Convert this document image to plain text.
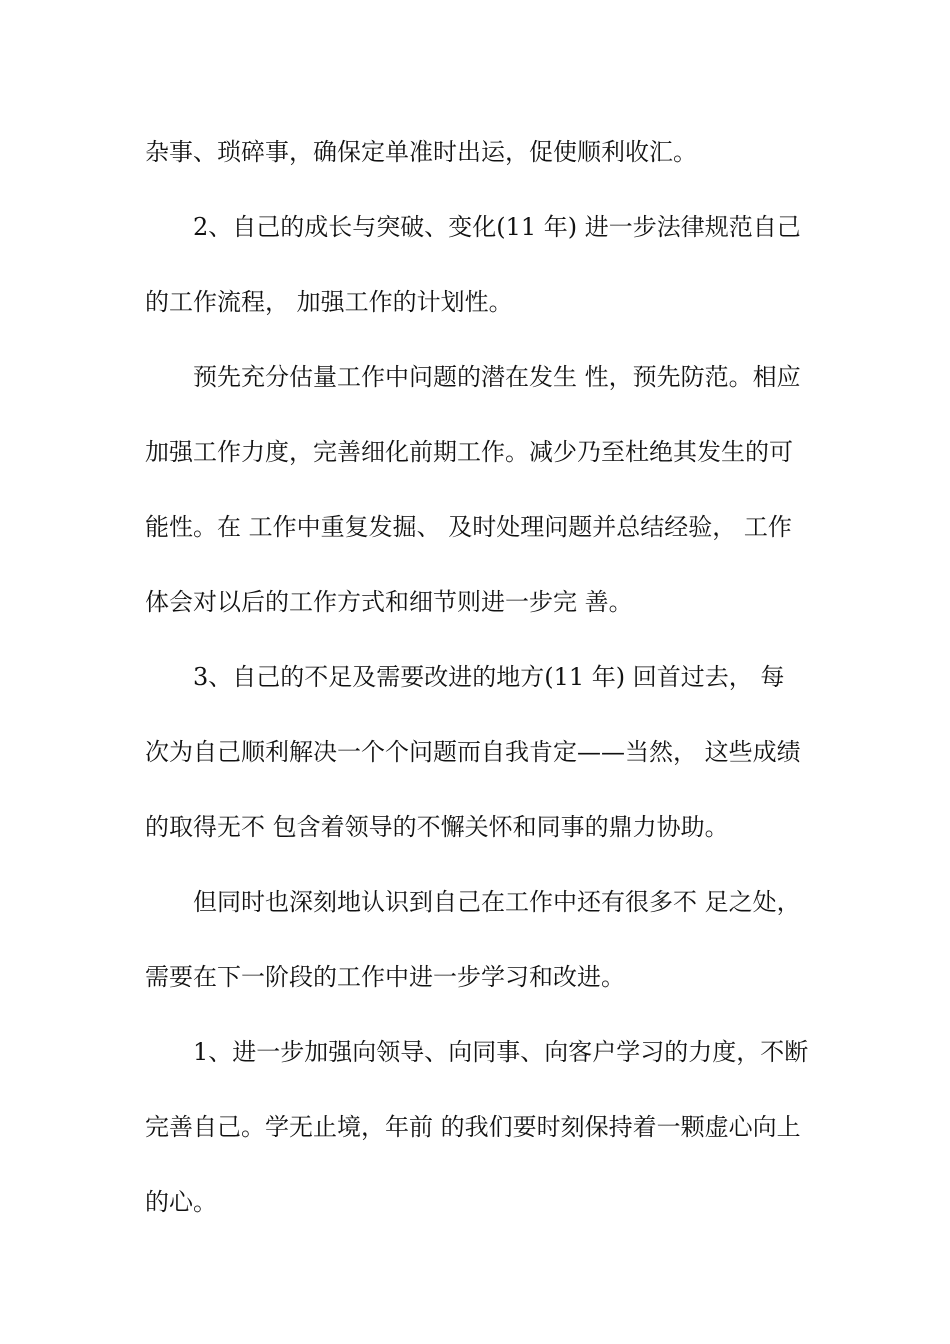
杂事、琐碎事，确保定单准时出运，促使顺利收汇。
2、自己的成长与突破、变化(11 年) 进一步法律规范自己
的工作流程， 加强工作的计划性。
预先充分估量工作中问题的潜在发生 性，预先防范。相应
加强工作力度，完善细化前期工作。减少乃至杜绝其发生的可
能性。在 工作中重复发掘、 及时处理问题并总结经验， 工作
体会对以后的工作方式和细节则进一步完 善。
3、自己的不足及需要改进的地方(11 年) 回首过去， 每
次为自己顺利解决一个个问题而自我肯定——当然， 这些成绩
的取得无不 包含着领导的不懈关怀和同事的鼎力协助。
但同时也深刻地认识到自己在工作中还有很多不 足之处，
需要在下一阶段的工作中进一步学习和改进。
1、进一步加强向领导、向同事、向客户学习的力度，不断
完善自己。学无止境，年前 的我们要时刻保持着一颗虚心向上
的心。
